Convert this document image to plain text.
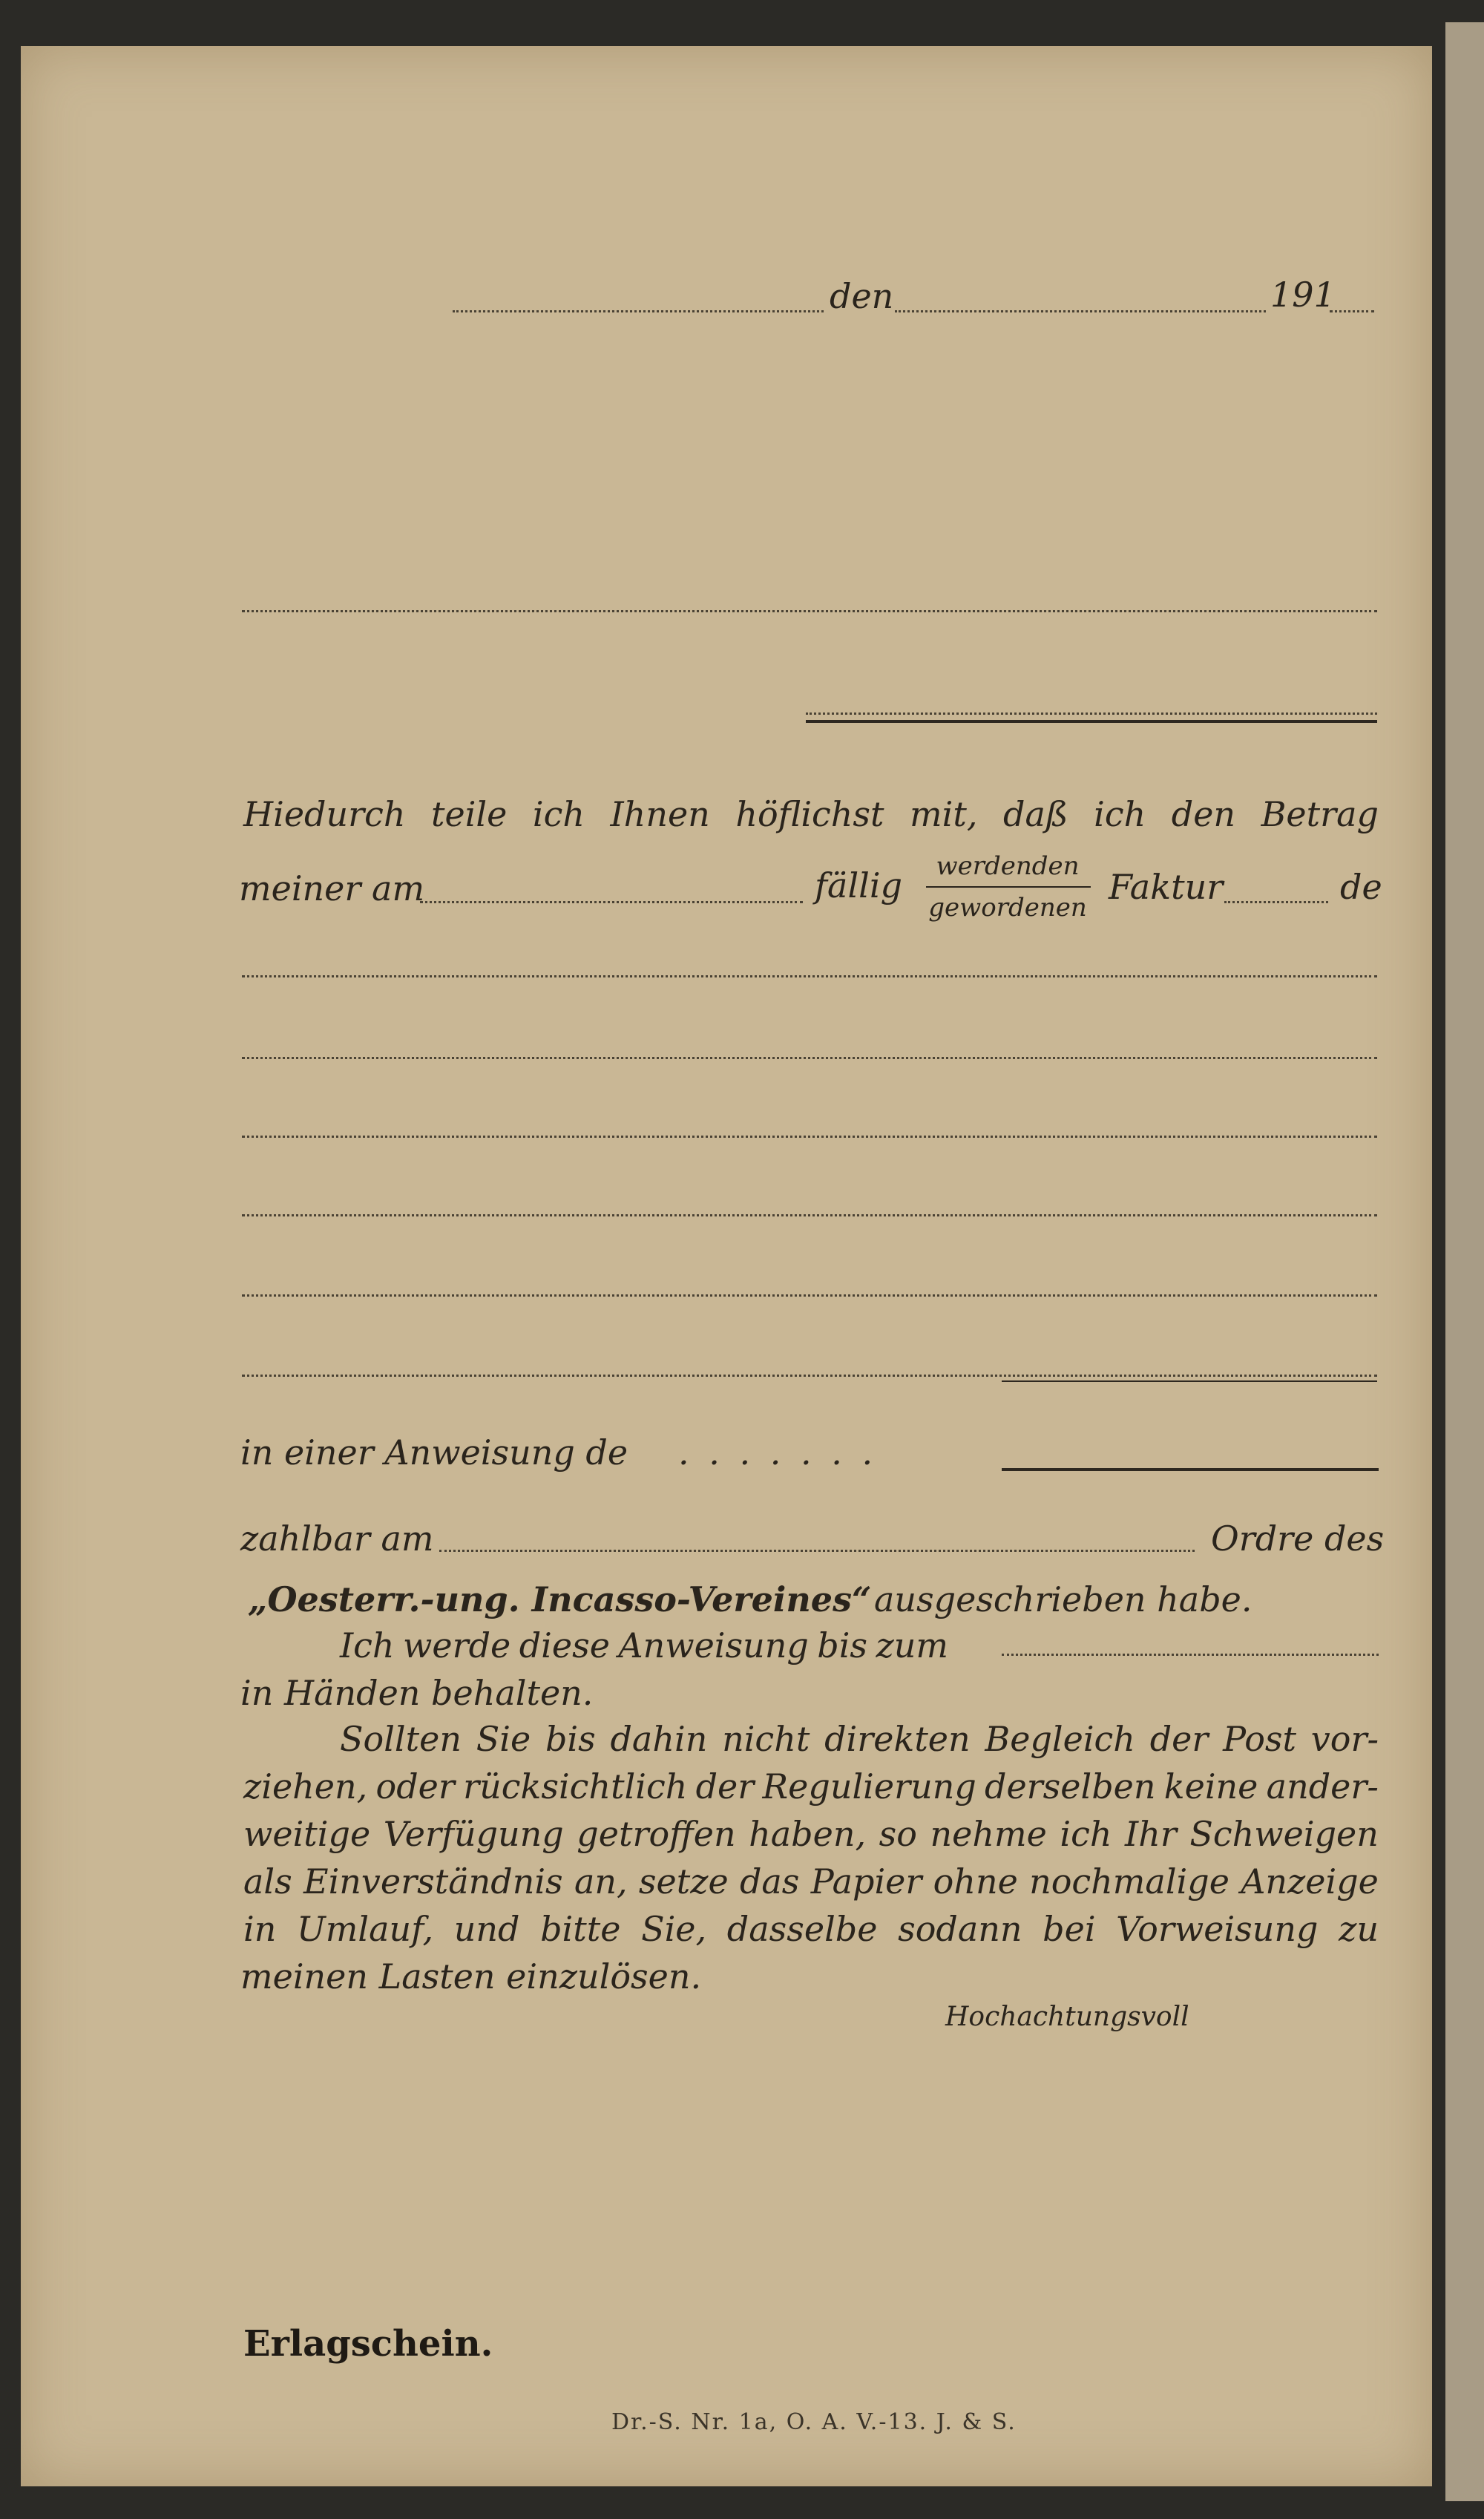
den	191
Hiedurch teile ich Ihnen höflichst mit, daß ich den Betrag
meiner am	fällig	werdenden
gewordenen
Faktur	de
in einer Anweisung de . . . . . . .
zahlbar am	Ordre des
„Oesterr.-ung. Incasso-Vereines“ ausgeschrieben habe.
Ich werde diese Anweisung bis zum
in Händen behalten.
Sollten Sie bis dahin nicht direkten Begleich der Post vor-
ziehen, oder rücksichtlich der Regulierung derselben keine ander-
weitige Verfügung getroffen haben, so nehme ich Ihr Schweigen
als Einverständnis an, setze das Papier ohne nochmalige Anzeige
in Umlauf, und bitte Sie, dasselbe sodann bei Vorweisung zu
meinen Lasten einzulösen.
Hochachtungsvoll
Erlagschein.
Dr.-S. Nr. 1a, O. A. V.-13. J. & S.
